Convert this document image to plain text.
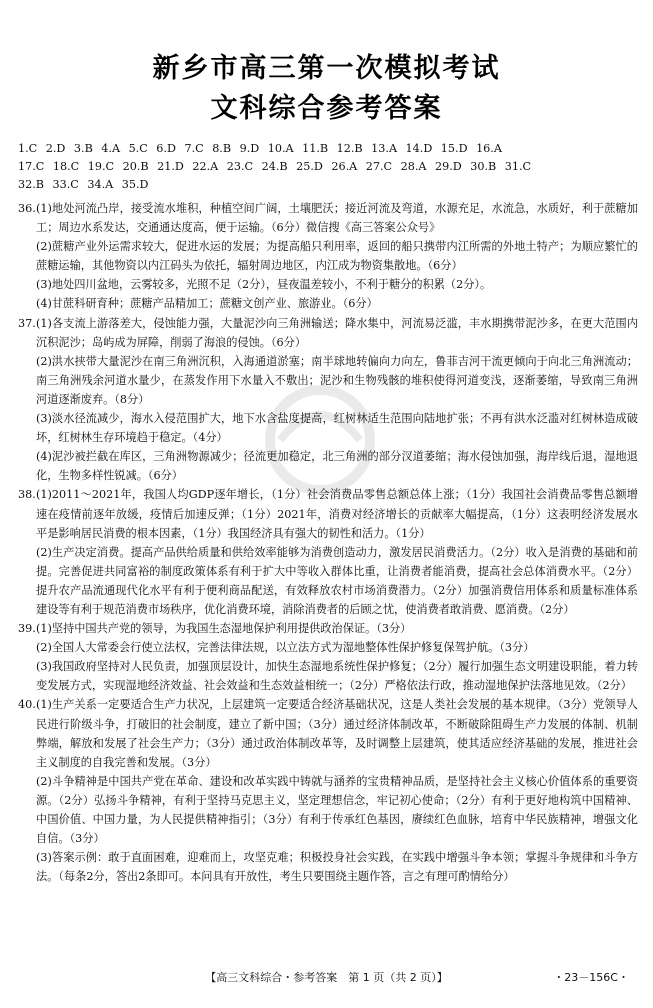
新乡市高三第一次模拟考试
文科综合参考答案
1.C 2.D 3.B 4.A 5.C 6.D 7.C 8.B 9.D 10.A 11.B 12.B 13.A 14.D 15.D 16.A
17.C 18.C 19.C 20.B 21.D 22.A 23.C 24.B 25.D 26.A 27.C 28.A 29.D 30.B 31.C
32.B 33.C 34.A 35.D
36. (1)地处河流凸岸，接受流水堆积，种植空间广阔，土壤肥沃；接近河流及弯道，水源充足，水流急，水质好，利于蔗糖加工；周边水系发达，交通通达度高，便于运输。（6分）微信搜《高三答案公众号》
(2)蔗糖产业外运需求较大，促进水运的发展；为提高船只利用率，返回的船只携带内江所需的外地土特产；为顺应繁忙的蔗糖运输，其他物资以内江码头为依托，辐射周边地区，内江成为物资集散地。（6分）
(3)地处四川盆地，云雾较多，光照不足（2分），昼夜温差较小，不利于糖分的积累（2分）。
(4)甘蔗科研育种；蔗糖产品精加工；蔗糖文创产业、旅游业。（6分）
37. (1)各支流上游落差大，侵蚀能力强，大量泥沙向三角洲输送；降水集中，河流易泛滥，丰水期携带泥沙多，在更大范围内沉积泥沙；岛屿成为屏障，削弱了海浪的侵蚀。（6分）
(2)洪水挟带大量泥沙在南三角洲沉积，入海通道淤塞；南半球地转偏向力向左，鲁菲吉河干流更倾向于向北三角洲流动；南三角洲残余河道水量少，在蒸发作用下水量入不敷出；泥沙和生物残骸的堆积使得河道变浅，逐渐萎缩，导致南三角洲河道逐渐废弃。（8分）
(3)淡水径流减少，海水入侵范围扩大，地下水含盐度提高，红树林适生范围向陆地扩张；不再有洪水泛滥对红树林造成破坏，红树林生存环境趋于稳定。（4分）
(4)泥沙被拦截在库区，三角洲物源减少；径流更加稳定，北三角洲的部分汊道萎缩；海水侵蚀加强，海岸线后退，湿地退化，生物多样性锐减。（6分）
38. (1)2011～2021年，我国人均GDP逐年增长，（1分）社会消费品零售总额总体上涨；（1分）我国社会消费品零售总额增速在疫情前逐年放缓，疫情后加速反弹；（1分）2021年，消费对经济增长的贡献率大幅提高，（1分）这表明经济发展水平是影响居民消费的根本因素，（1分）我国经济具有强大的韧性和活力。（1分）
(2)生产决定消费。提高产品供给质量和供给效率能够为消费创造动力，激发居民消费活力。（2分）收入是消费的基础和前提。完善促进共同富裕的制度政策体系有利于扩大中等收入群体比重，让消费者能消费，提高社会总体消费水平。（2分）提升农产品流通现代化水平有利于便利商品配送，有效释放农村市场消费潜力。（2分）加强消费信用体系和质量标准体系建设等有利于规范消费市场秩序，优化消费环境，消除消费者的后顾之忧，使消费者敢消费、愿消费。（2分）
39. (1)坚持中国共产党的领导，为我国生态湿地保护利用提供政治保证。（3分）
(2)全国人大常委会行使立法权，完善法律法规，以立法方式为湿地整体性保护修复保驾护航。（3分）
(3)我国政府坚持对人民负责，加强顶层设计，加快生态湿地系统性保护修复；（2分）履行加强生态文明建设职能，着力转变发展方式，实现湿地经济效益、社会效益和生态效益相统一；（2分）严格依法行政，推动湿地保护法落地见效。（2分）
40. (1)生产关系一定要适合生产力状况，上层建筑一定要适合经济基础状况，这是人类社会发展的基本规律。（3分）党领导人民进行阶级斗争，打破旧的社会制度，建立了新中国；（3分）通过经济体制改革，不断破除阻碍生产力发展的体制、机制弊端，解放和发展了社会生产力；（3分）通过政治体制改革等，及时调整上层建筑，使其适应经济基础的发展，推进社会主义制度的自我完善和发展。（3分）
(2)斗争精神是中国共产党在革命、建设和改革实践中铸就与涵养的宝贵精神品质，是坚持社会主义核心价值体系的重要资源。（2分）弘扬斗争精神，有利于坚持马克思主义，坚定理想信念，牢记初心使命；（2分）有利于更好地构筑中国精神、中国价值、中国力量，为人民提供精神指引；（3分）有利于传承红色基因，赓续红色血脉，培育中华民族精神，增强文化自信。（3分）
(3)答案示例：敢于直面困难，迎难而上，攻坚克难；积极投身社会实践，在实践中增强斗争本领；掌握斗争规律和斗争方法。（每条2分，答出2条即可。本问具有开放性，考生只要围绕主题作答，言之有理可酌情给分）
【高三文科综合・参考答案　第 1 页（共 2 页）】	・23－156C・
